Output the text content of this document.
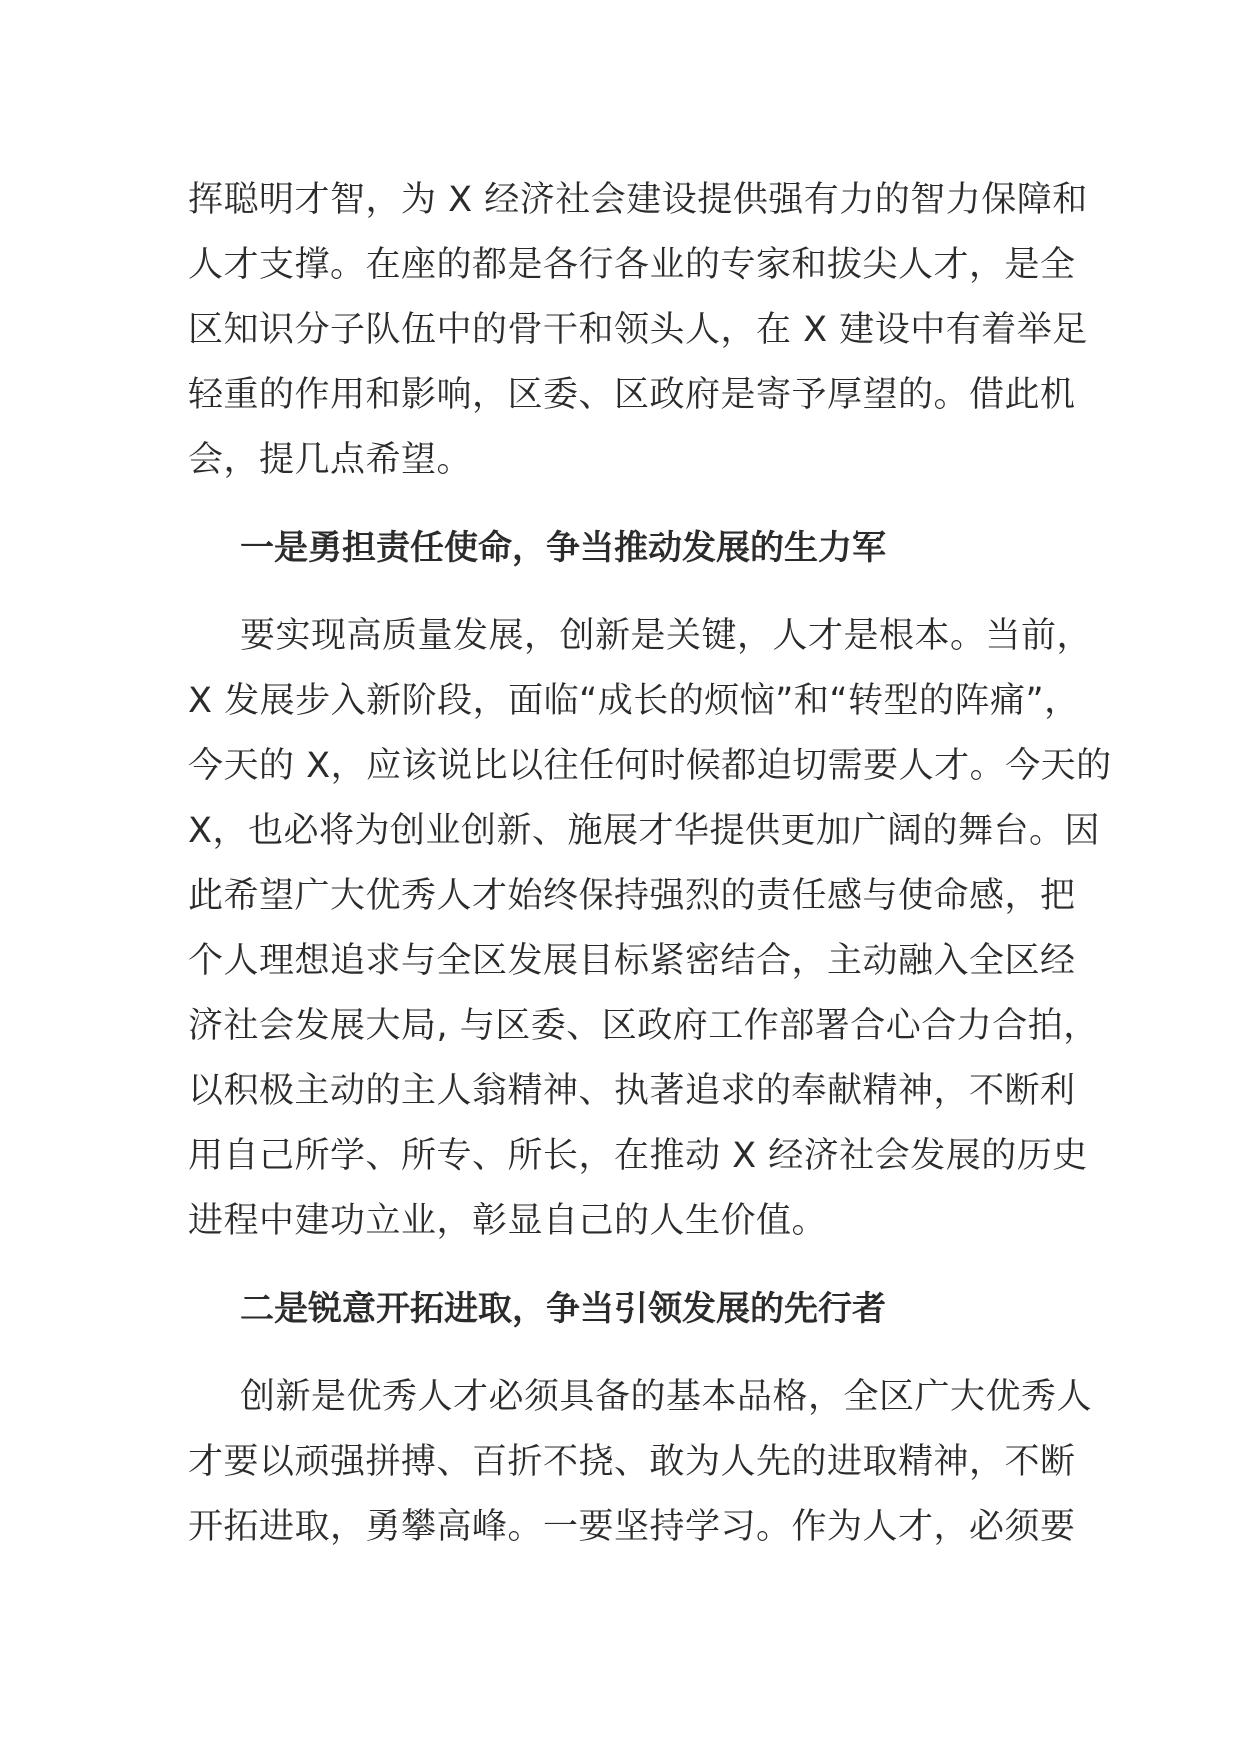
挥聪明才智，为 X 经济社会建设提供强有力的智力保障和
人才支撑。在座的都是各行各业的专家和拔尖人才，是全
区知识分子队伍中的骨干和领头人，在 X 建设中有着举足
轻重的作用和影响，区委、区政府是寄予厚望的。借此机
会，提几点希望。
一是勇担责任使命，争当推动发展的生力军
要实现高质量发展，创新是关键，人才是根本。当前，
X 发展步入新阶段，面临“成长的烦恼”和“转型的阵痛”，
今天的 X，应该说比以往任何时候都迫切需要人才。今天的
X，也必将为创业创新、施展才华提供更加广阔的舞台。因
此希望广大优秀人才始终保持强烈的责任感与使命感，把
个人理想追求与全区发展目标紧密结合，主动融入全区经
济社会发展大局, 与区委、区政府工作部署合心合力合拍，
以积极主动的主人翁精神、执著追求的奉献精神，不断利
用自己所学、所专、所长，在推动 X 经济社会发展的历史
进程中建功立业，彰显自己的人生价值。
二是锐意开拓进取，争当引领发展的先行者
创新是优秀人才必须具备的基本品格，全区广大优秀人
才要以顽强拼搏、百折不挠、敢为人先的进取精神，不断
开拓进取，勇攀高峰。一要坚持学习。作为人才，必须要
